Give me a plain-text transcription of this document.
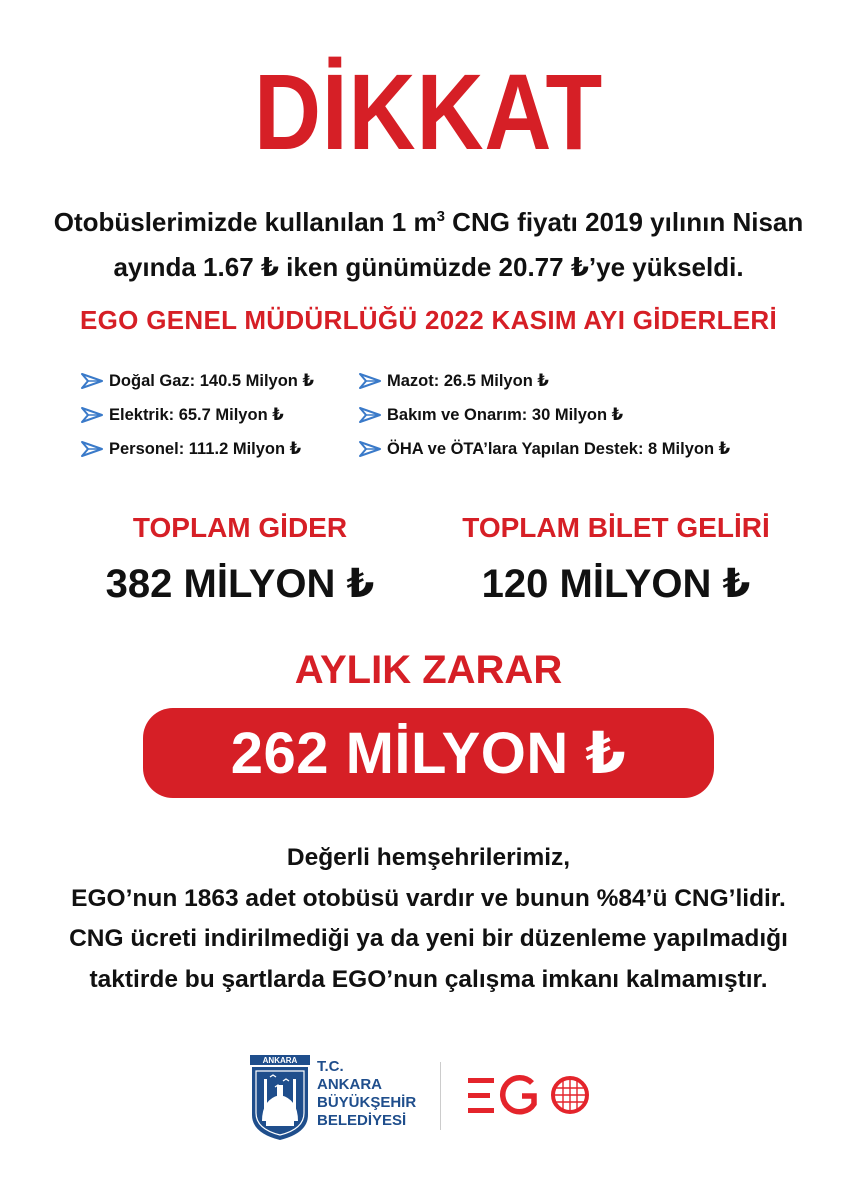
DİKKAT
Otobüslerimizde kullanılan 1 $m^3$ CNG fiyatı 2019 yılının Nisan
ayında 1.67 ₺ iken günümüzde 20.77 ₺’ye yükseldi.
EGO GENEL MÜDÜRLÜĞÜ 2022 KASIM AYI GİDERLERİ
Doğal Gaz: 140.5 Milyon ₺
Elektrik: 65.7 Milyon ₺
Personel: 111.2 Milyon ₺
Mazot: 26.5 Milyon ₺
Bakım ve Onarım: 30 Milyon ₺
ÖHA ve ÖTA’lara Yapılan Destek: 8 Milyon ₺
TOPLAM GİDER
382 MİLYON ₺
TOPLAM BİLET GELİRİ
120 MİLYON ₺
AYLIK ZARAR
262 MİLYON ₺
Değerli hemşehrilerimiz,
EGO’nun 1863 adet otobüsü vardır ve bunun %84’ü CNG’lidir.
CNG ücreti indirilmediği ya da yeni bir düzenleme yapılmadığı
taktirde bu şartlarda EGO’nun çalışma imkanı kalmamıştır.
ANKARA T.C.
ANKARA
BÜYÜKŞEHİR
BELEDİYESİ
